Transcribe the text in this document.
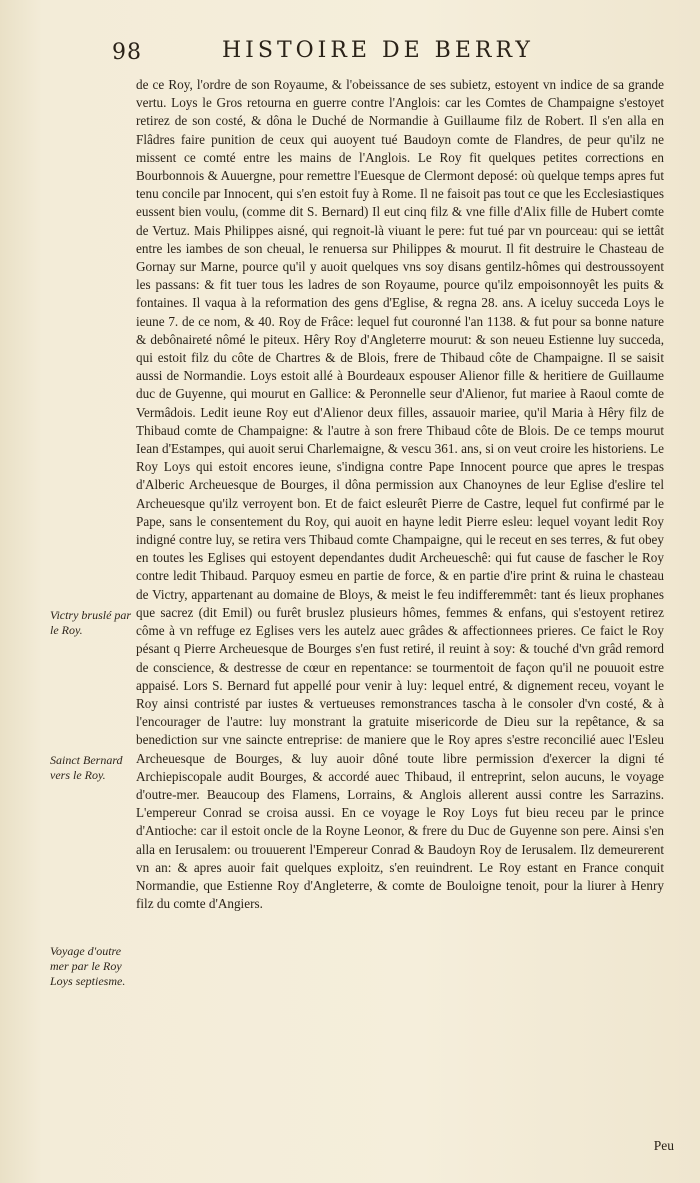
98	HISTOIRE DE BERRY
Victry bruslé par le Roy.
Sainct Bernard vers le Roy.
Voyage d'outre mer par le Roy Loys septiesme.

de ce Roy, l'ordre de son Royaume, & l'obeissance de ses subietz, estoyent vn indice de sa grande vertu. Loys le Gros retourna en guerre contre l'Anglois: car les Comtes de Champaigne s'estoyet retirez de son costé, & dôna le Duché de Normandie à Guillaume filz de Robert. Il s'en alla en Flâdres faire punition de ceux qui auoyent tué Baudoyn comte de Flandres, de peur qu'ilz ne missent ce comté entre les mains de l'Anglois. Le Roy fit quelques petites corrections en Bourbonnois & Auuergne, pour remettre l'Euesque de Clermont deposé: où quelque temps apres fut tenu concile par Innocent, qui s'en estoit fuy à Rome. Il ne faisoit pas tout ce que les Ecclesiastiques eussent bien voulu, (comme dit S. Bernard) Il eut cinq filz & vne fille d'Alix fille de Hubert comte de Vertuz. Mais Philippes aisné, qui regnoit-là viuant le pere: fut tué par vn pourceau: qui se iettât entre les iambes de son cheual, le renuersa sur Philippes & mourut. Il fit destruire le Chasteau de Gornay sur Marne, pource qu'il y auoit quelques vns soy disans gentilz-hômes qui destroussoyent les passans: & fit tuer tous les ladres de son Royaume, pource qu'ilz empoisonnoyêt les puits & fontaines. Il vaqua à la reformation des gens d'Eglise, & regna 28. ans. A iceluy succeda Loys le ieune 7. de ce nom, & 40. Roy de Frâce: lequel fut couronné l'an 1138. & fut pour sa bonne nature & debônaireté nômé le piteux. Hêry Roy d'Angleterre mourut: & son neueu Estienne luy succeda, qui estoit filz du côte de Chartres & de Blois, frere de Thibaud côte de Champaigne. Il se saisit aussi de Normandie. Loys estoit allé à Bourdeaux espouser Alienor fille & heritiere de Guillaume duc de Guyenne, qui mourut en Gallice: & Peronnelle seur d'Alienor, fut mariee à Raoul comte de Vermâdois. Ledit ieune Roy eut d'Alienor deux filles, assauoir mariee, qu'il Maria à Hêry filz de Thibaud comte de Champaigne: & l'autre à son frere Thibaud côte de Blois. De ce temps mourut Iean d'Estampes, qui auoit serui Charlemaigne, & vescu 361. ans, si on veut croire les historiens. Le Roy Loys qui estoit encores ieune, s'indigna contre Pape Innocent pource que apres le trespas d'Alberic Archeuesque de Bourges, il dôna permission aux Chanoynes de leur Eglise d'eslire tel Archeuesque qu'ilz verroyent bon. Et de faict esleurêt Pierre de Castre, lequel fut confirmé par le Pape, sans le consentement du Roy, qui auoit en hayne ledit Pierre esleu: lequel voyant ledit Roy indigné contre luy, se retira vers Thibaud comte Champaigne, qui le receut en ses terres, & fut obey en toutes les Eglises qui estoyent dependantes dudit Archeueschê: qui fut cause de fascher le Roy contre ledit Thibaud. Parquoy esmeu en partie de force, & en partie d'ire print & ruina le chasteau de Victry, appartenant au domaine de Bloys, & meist le feu indifferemmêt: tant és lieux prophanes que sacrez (dit Emil) ou furêt bruslez plusieurs hômes, femmes & enfans, qui s'estoyent retirez côme à vn reffuge ez Eglises vers les autelz auec grâdes & affectionnees prieres. Ce faict le Roy pésant q Pierre Archeuesque de Bourges s'en fust retiré, il reuint à soy: & touché d'vn grâd remord de conscience, & destresse de cœur en repentance: se tourmentoit de façon qu'il ne pouuoit estre appaisé. Lors S. Bernard fut appellé pour venir à luy: lequel entré, & dignement receu, voyant le Roy ainsi contristé par iustes & vertueuses remonstrances tascha à le consoler d'vn costé, & à l'encourager de l'autre: luy monstrant la gratuite misericorde de Dieu sur la repêtance, & sa benediction sur vne saincte entreprise: de maniere que le Roy apres s'estre reconcilié auec l'Esleu Archeuesque de Bourges, & luy auoir dôné toute libre permission d'exercer la digni té Archiepiscopale audit Bourges, & accordé auec Thibaud, il entreprint, selon aucuns, le voyage d'outre-mer. Beaucoup des Flamens, Lorrains, & Anglois allerent aussi contre les Sarrazins. L'empereur Conrad se croisa aussi. En ce voyage le Roy Loys fut bieu receu par le prince d'Antioche: car il estoit oncle de la Royne Leonor, & frere du Duc de Guyenne son pere. Ainsi s'en alla en Ierusalem: ou trouuerent l'Empereur Conrad & Baudoyn Roy de Ierusalem. Ilz demeurerent vn an: & apres auoir fait quelques exploitz, s'en reuindrent. Le Roy estant en France conquit Normandie, que Estienne Roy d'Angleterre, & comte de Bouloigne tenoit, pour la liurer à Henry filz du comte d'Angiers.

Peu
